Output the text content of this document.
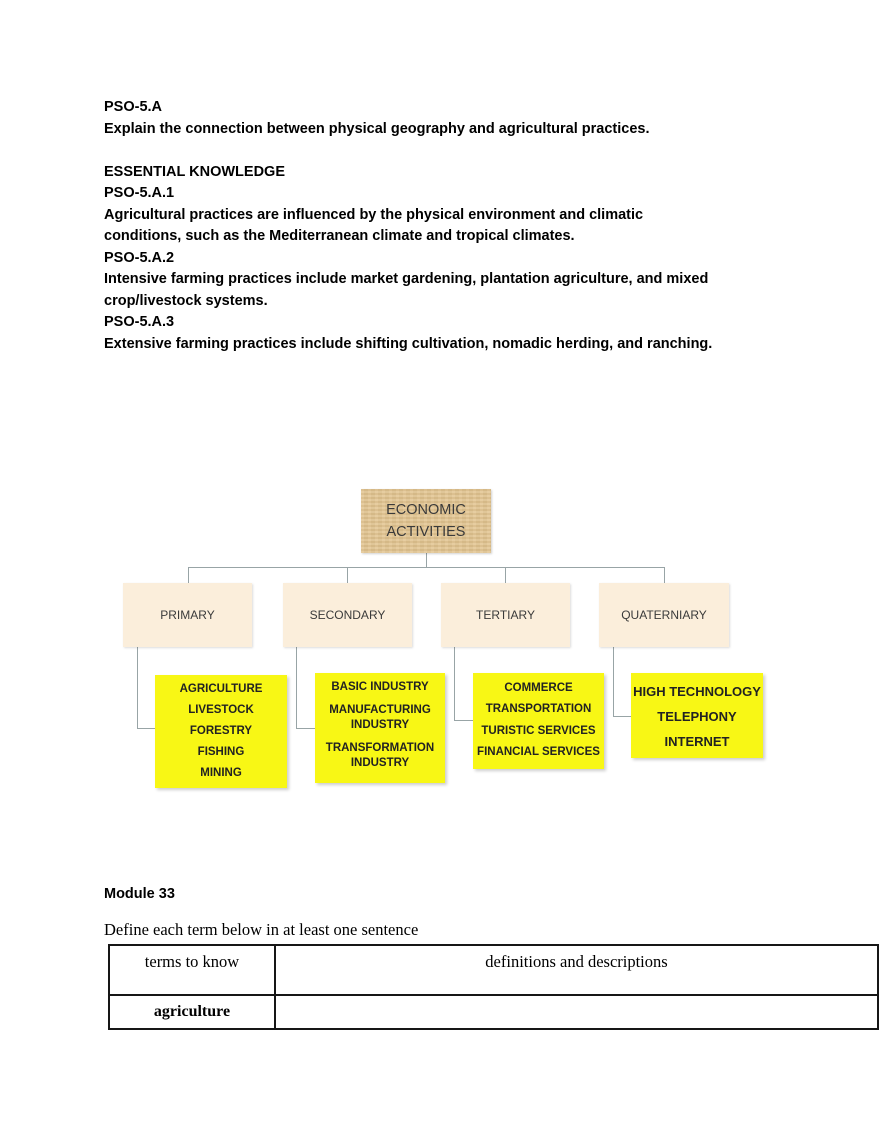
PSO-5.A
Explain the connection between physical geography and agricultural practices.
ESSENTIAL KNOWLEDGE
PSO-5.A.1
Agricultural practices are influenced by the physical environment and climatic
conditions, such as the Mediterranean climate and tropical climates.
PSO-5.A.2
Intensive farming practices include market gardening, plantation agriculture, and mixed
crop/livestock systems.
PSO-5.A.3
Extensive farming practices include shifting cultivation, nomadic herding, and ranching.
ECONOMIC
ACTIVITIES
PRIMARY	SECONDARY	TERTIARY	QUATERNIARY
AGRICULTURE
LIVESTOCK
FORESTRY
FISHING
MINING
BASIC INDUSTRY
MANUFACTURING INDUSTRY
TRANSFORMATION INDUSTRY
COMMERCE
TRANSPORTATION
TURISTIC SERVICES
FINANCIAL SERVICES
HIGH TECHNOLOGY
TELEPHONY
INTERNET
Module 33
Define each term below in at least one sentence
terms to know	definitions and descriptions
agriculture
